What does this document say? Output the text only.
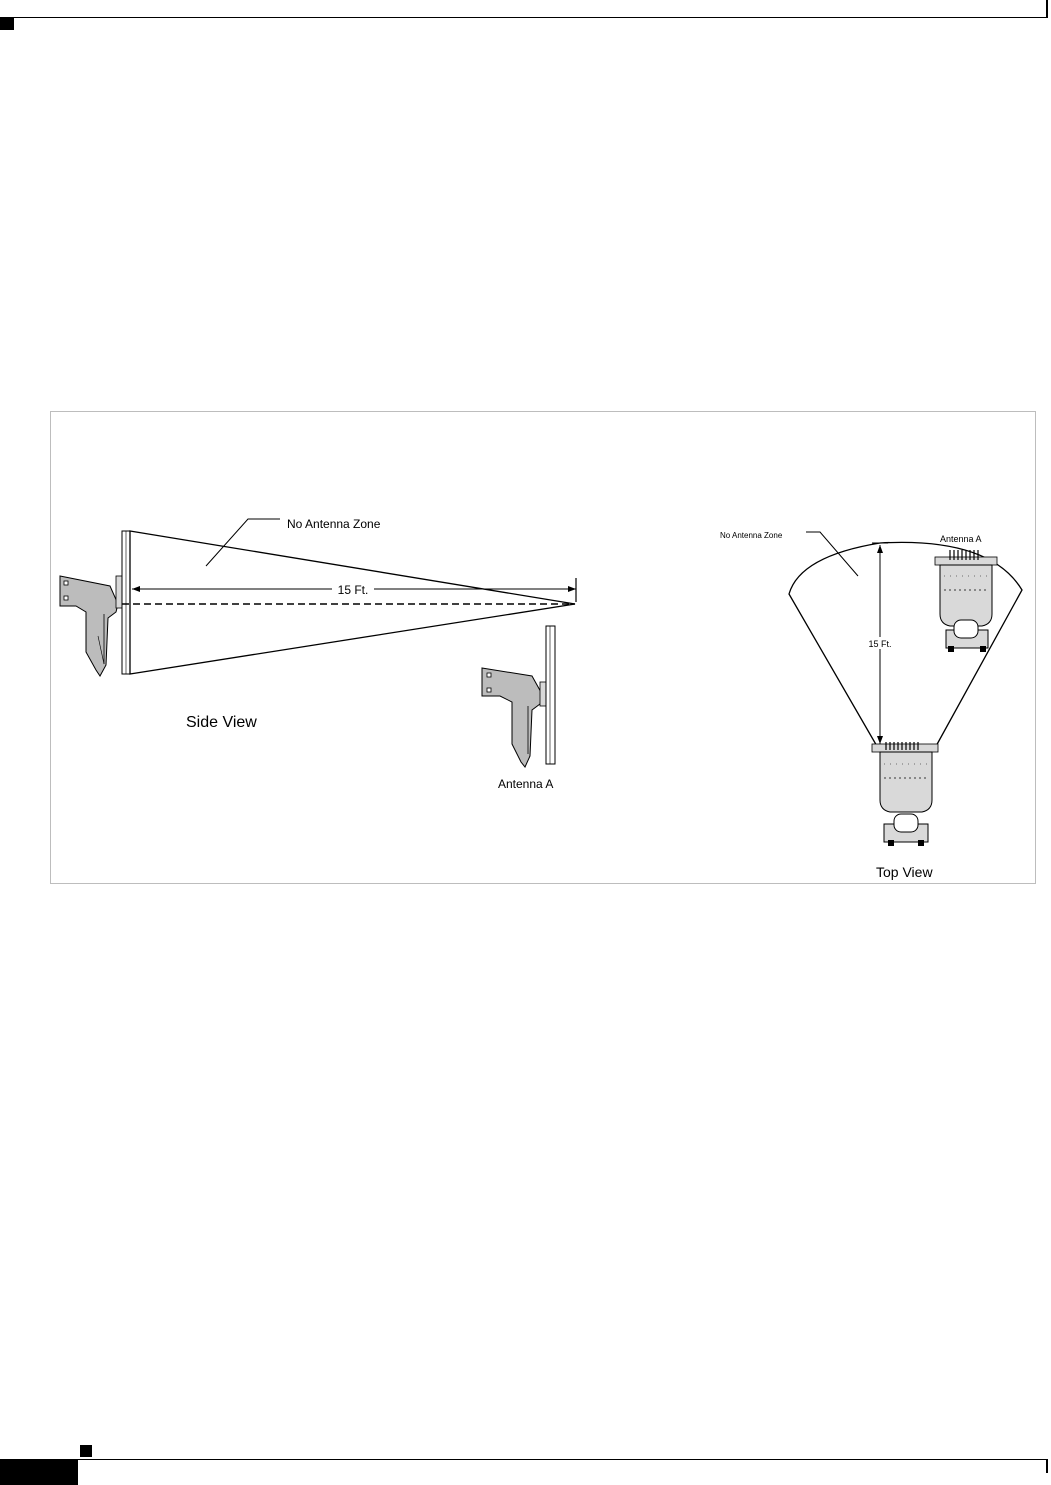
15 Ft.
No Antenna Zone
Side View
Antenna A
15 Ft.
No Antenna Zone	Antenna A
Top View
